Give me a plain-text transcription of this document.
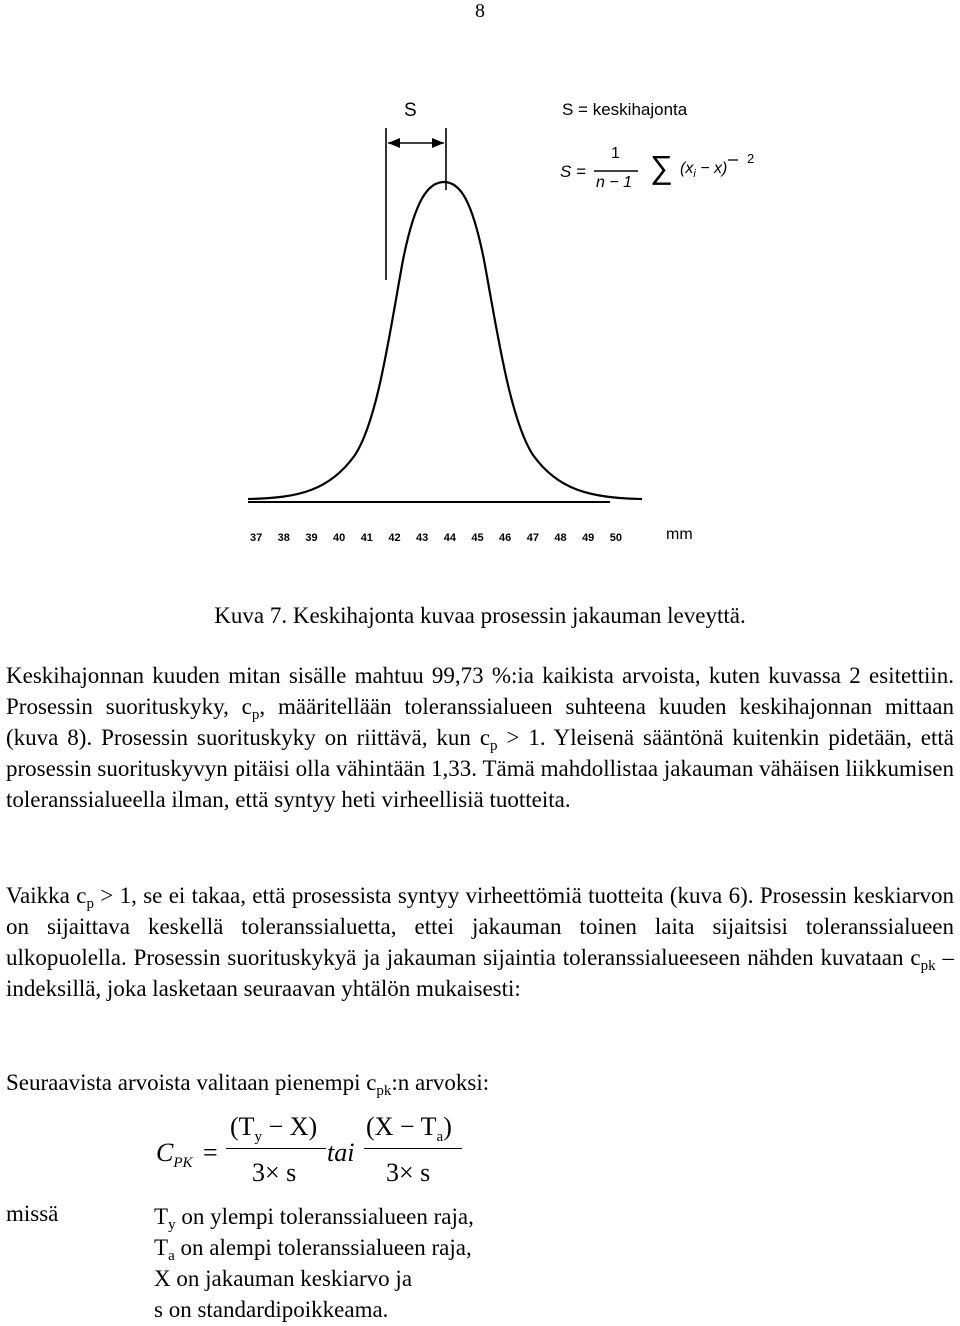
8
S	S = keskihajonta
S =
1
n − 1 ∑ $(x_i - x)$
2
37 38 39 40 41 42 43 44 45 46 47 48 49 50	mm
Kuva 7. Keskihajonta kuvaa prosessin jakauman leveyttä.

Keskihajonnan kuuden mitan sisälle mahtuu 99,73 %:ia kaikista arvoista, kuten kuvassa 2 esitettiin. Prosessin suorituskyky, $c_p$, määritellään toleranssialueen suhteena kuuden keskihajonnan mittaan (kuva 8). Prosessin suorituskyky on riittävä, kun $c_p > 1$. Yleisenä sääntönä kuitenkin pidetään, että prosessin suorituskyvyn pitäisi olla vähintään 1,33. Tämä mahdollistaa jakauman vähäisen liikkumisen toleranssialueella ilman, että syntyy heti virheellisiä tuotteita.

Vaikka $c_p > 1$, se ei takaa, että prosessista syntyy virheettömiä tuotteita (kuva 6). Prosessin keskiarvon on sijaittava keskellä toleranssialuetta, ettei jakauman toinen laita sijaitsisi toleranssialueen ulkopuolella. Prosessin suorituskykyä ja jakauman sijaintia toleranssialueeseen nähden kuvataan $c_{pk}$ –indeksillä, joka lasketaan seuraavan yhtälön mukaisesti:

Seuraavista arvoista valitaan pienempi $c_{pk}:n$ arvoksi:

$C_{PK}$ =
$(T_y - X)$
3× s
tai
$(X - T_a)$
3× s
missä	$T_y$ on ylempi toleranssialueen raja,
$T_a$ on alempi toleranssialueen raja,
X on jakauman keskiarvo ja
s on standardipoikkeama.
